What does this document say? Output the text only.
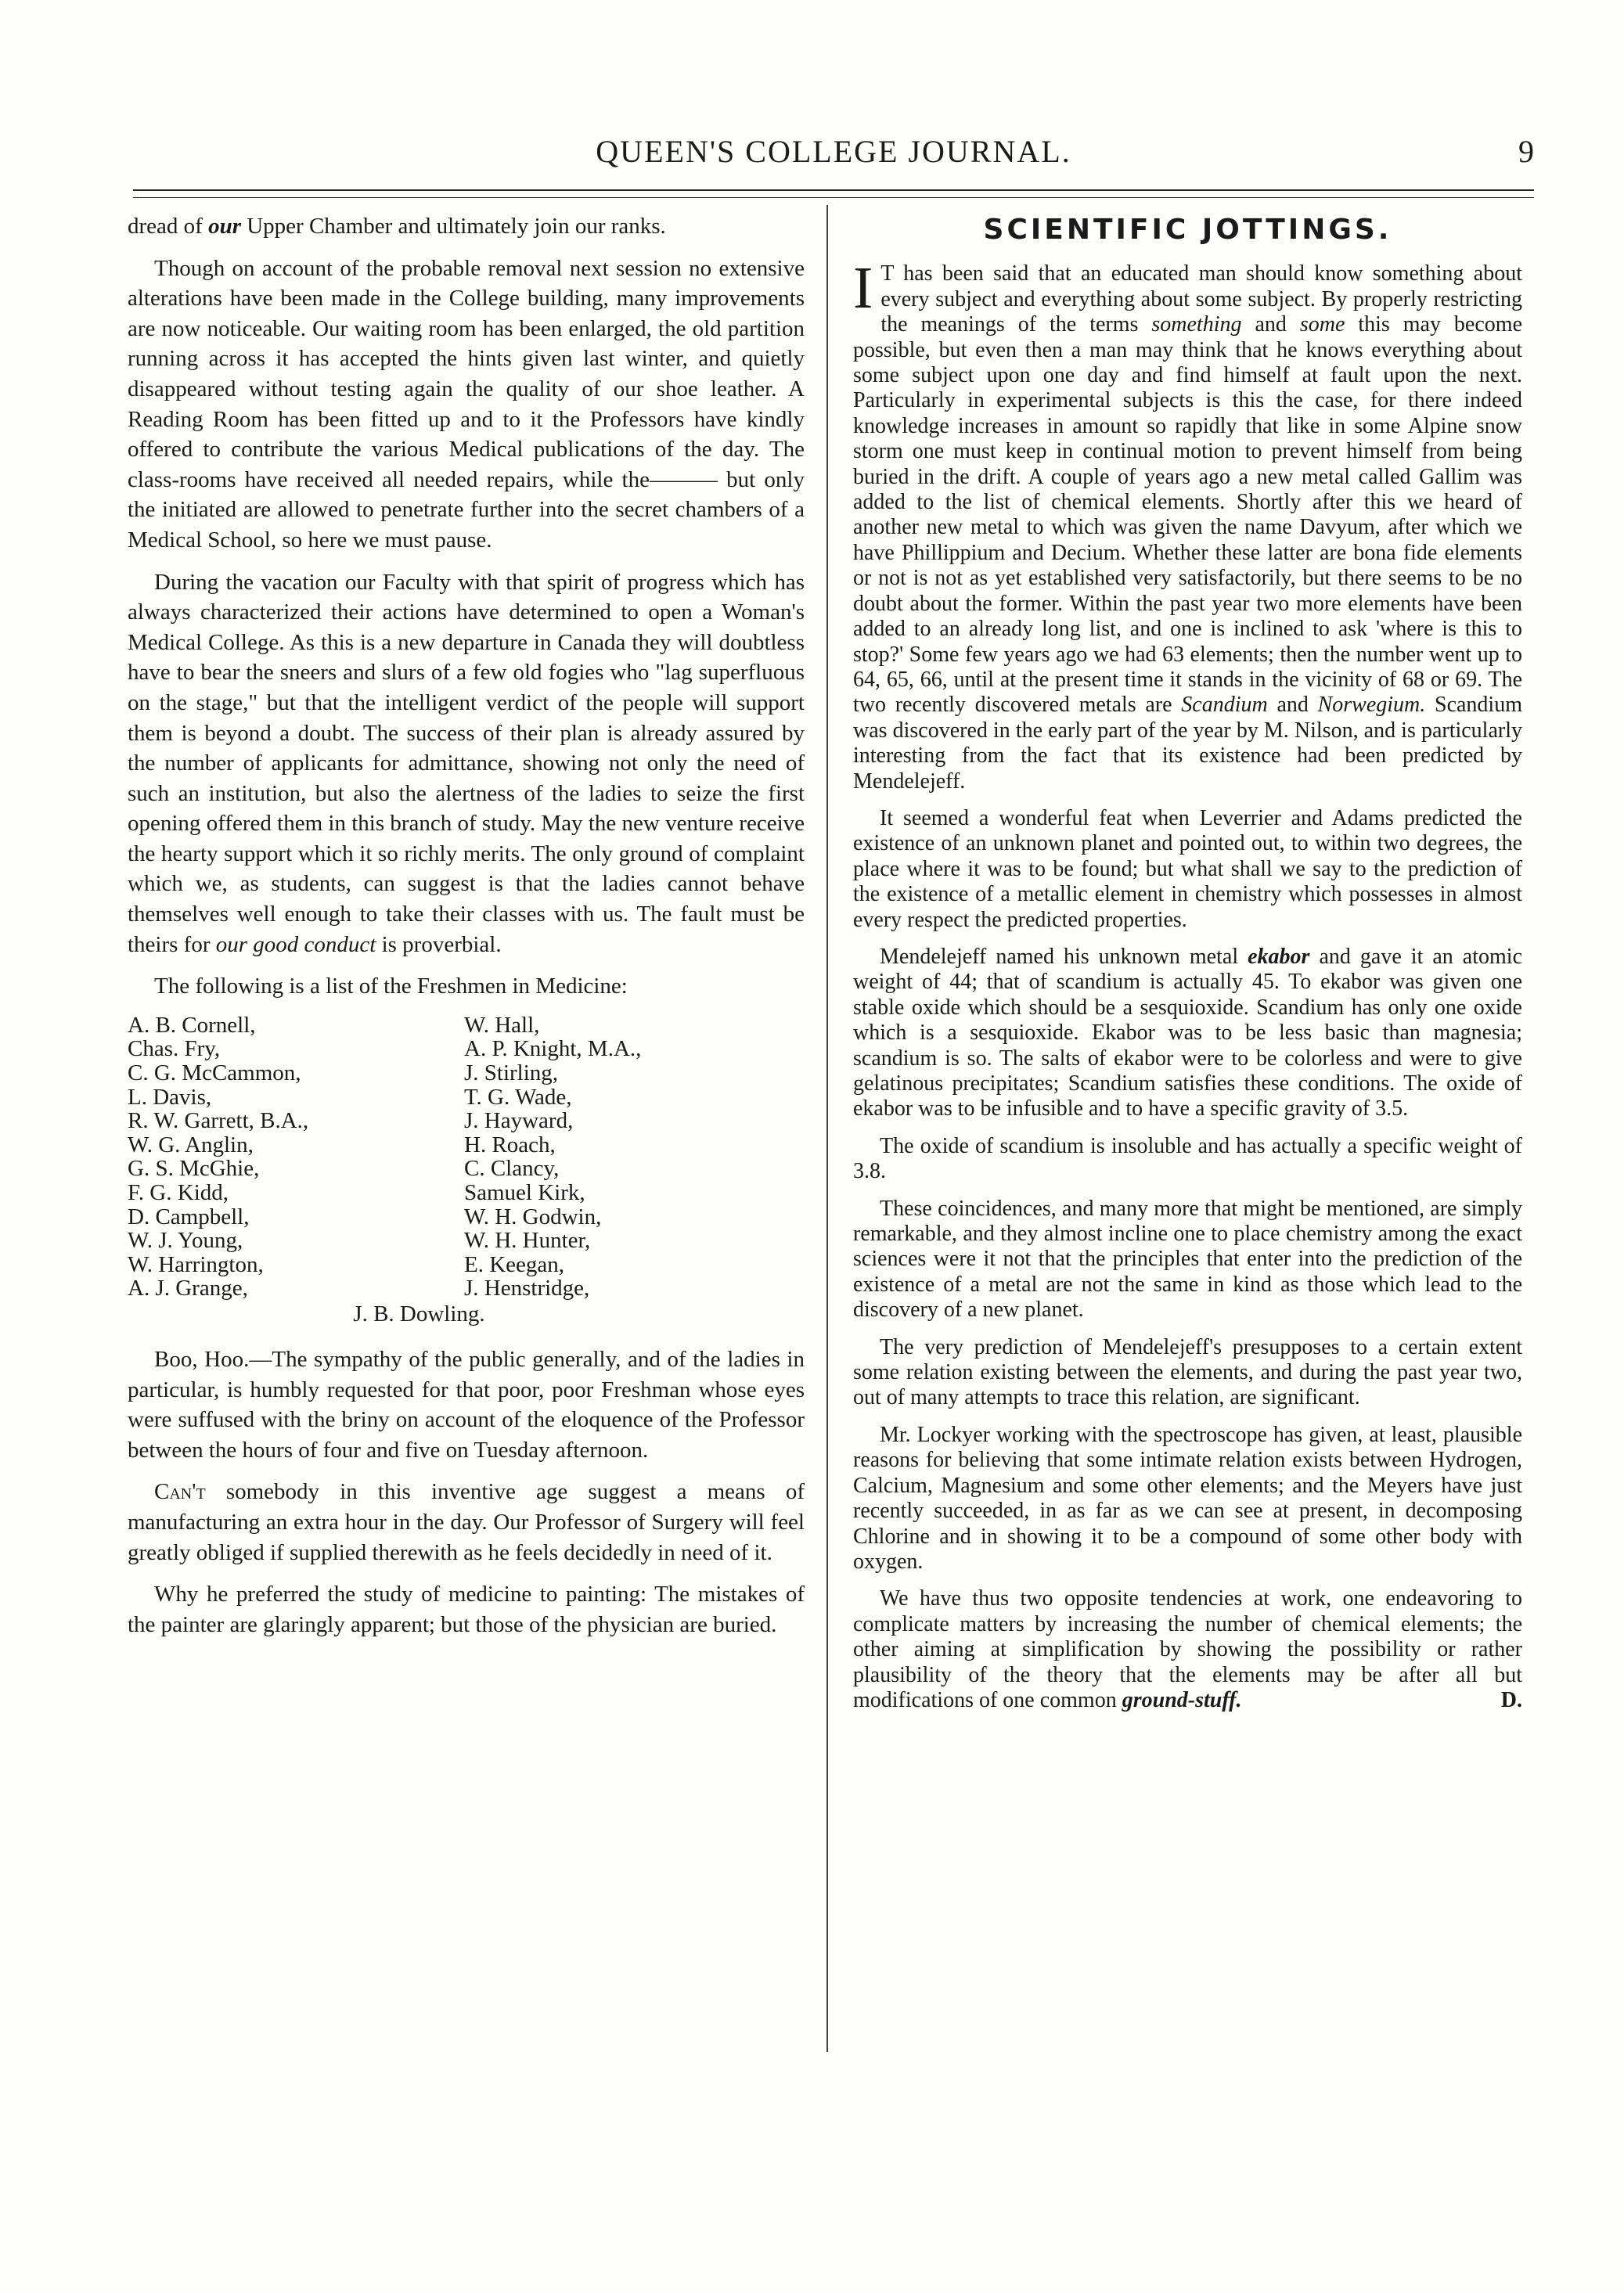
QUEEN'S COLLEGE JOURNAL.	9

dread of our Upper Chamber and ultimately join our ranks.

Though on account of the probable removal next session no extensive alterations have been made in the College building, many improvements are now noticeable. Our waiting room has been enlarged, the old partition running across it has accepted the hints given last winter, and quietly disappeared without testing again the quality of our shoe leather. A Reading Room has been fitted up and to it the Professors have kindly offered to contribute the various Medical publications of the day. The class-rooms have received all needed repairs, while the——— but only the initiated are allowed to penetrate further into the secret chambers of a Medical School, so here we must pause.

During the vacation our Faculty with that spirit of progress which has always characterized their actions have determined to open a Woman's Medical College. As this is a new departure in Canada they will doubtless have to bear the sneers and slurs of a few old fogies who "lag superfluous on the stage," but that the intelligent verdict of the people will support them is beyond a doubt. The success of their plan is already assured by the number of applicants for admittance, showing not only the need of such an institution, but also the alertness of the ladies to seize the first opening offered them in this branch of study. May the new venture receive the hearty support which it so richly merits. The only ground of complaint which we, as students, can suggest is that the ladies cannot behave themselves well enough to take their classes with us. The fault must be theirs for our good conduct is proverbial.

The following is a list of the Freshmen in Medicine:

A. B. Cornell,
Chas. Fry,
C. G. McCammon,
L. Davis,
R. W. Garrett, B.A.,
W. G. Anglin,
G. S. McGhie,
F. G. Kidd,
D. Campbell,
W. J. Young,
W. Harrington,
A. J. Grange,
W. Hall,
A. P. Knight, M.A.,
J. Stirling,
T. G. Wade,
J. Hayward,
H. Roach,
C. Clancy,
Samuel Kirk,
W. H. Godwin,
W. H. Hunter,
E. Keegan,
J. Henstridge,
J. B. Dowling.

Boo, Hoo.—The sympathy of the public generally, and of the ladies in particular, is humbly requested for that poor, poor Freshman whose eyes were suffused with the briny on account of the eloquence of the Professor between the hours of four and five on Tuesday afternoon.

Can't somebody in this inventive age suggest a means of manufacturing an extra hour in the day. Our Professor of Surgery will feel greatly obliged if supplied therewith as he feels decidedly in need of it.

Why he preferred the study of medicine to painting: The mistakes of the painter are glaringly apparent; but those of the physician are buried.

SCIENTIFIC JOTTINGS.

I T has been said that an educated man should know something about every subject and everything about some subject. By properly restricting the meanings of the terms something and some this may become possible, but even then a man may think that he knows everything about some subject upon one day and find himself at fault upon the next. Particularly in experimental subjects is this the case, for there indeed knowledge increases in amount so rapidly that like in some Alpine snow storm one must keep in continual motion to prevent himself from being buried in the drift. A couple of years ago a new metal called Gallim was added to the list of chemical elements. Shortly after this we heard of another new metal to which was given the name Davyum, after which we have Phillippium and Decium. Whether these latter are bona fide elements or not is not as yet established very satisfactorily, but there seems to be no doubt about the former. Within the past year two more elements have been added to an already long list, and one is inclined to ask 'where is this to stop?' Some few years ago we had 63 elements; then the number went up to 64, 65, 66, until at the present time it stands in the vicinity of 68 or 69. The two recently discovered metals are Scandium and Norwegium. Scandium was discovered in the early part of the year by M. Nilson, and is particularly interesting from the fact that its existence had been predicted by Mendelejeff.

It seemed a wonderful feat when Leverrier and Adams predicted the existence of an unknown planet and pointed out, to within two degrees, the place where it was to be found; but what shall we say to the prediction of the existence of a metallic element in chemistry which possesses in almost every respect the predicted properties.

Mendelejeff named his unknown metal ekabor and gave it an atomic weight of 44; that of scandium is actually 45. To ekabor was given one stable oxide which should be a sesquioxide. Scandium has only one oxide which is a sesquioxide. Ekabor was to be less basic than magnesia; scandium is so. The salts of ekabor were to be colorless and were to give gelatinous precipitates; Scandium satisfies these conditions. The oxide of ekabor was to be infusible and to have a specific gravity of 3.5.

The oxide of scandium is insoluble and has actually a specific weight of 3.8.

These coincidences, and many more that might be mentioned, are simply remarkable, and they almost incline one to place chemistry among the exact sciences were it not that the principles that enter into the prediction of the existence of a metal are not the same in kind as those which lead to the discovery of a new planet.

The very prediction of Mendelejeff's presupposes to a certain extent some relation existing between the elements, and during the past year two, out of many attempts to trace this relation, are significant.

Mr. Lockyer working with the spectroscope has given, at least, plausible reasons for believing that some intimate relation exists between Hydrogen, Calcium, Magnesium and some other elements; and the Meyers have just recently succeeded, in as far as we can see at present, in decomposing Chlorine and in showing it to be a compound of some other body with oxygen.

We have thus two opposite tendencies at work, one endeavoring to complicate matters by increasing the number of chemical elements; the other aiming at simplification by showing the possibility or rather plausibility of the theory that the elements may be after all but modifications of one common ground-stuff.	D.
